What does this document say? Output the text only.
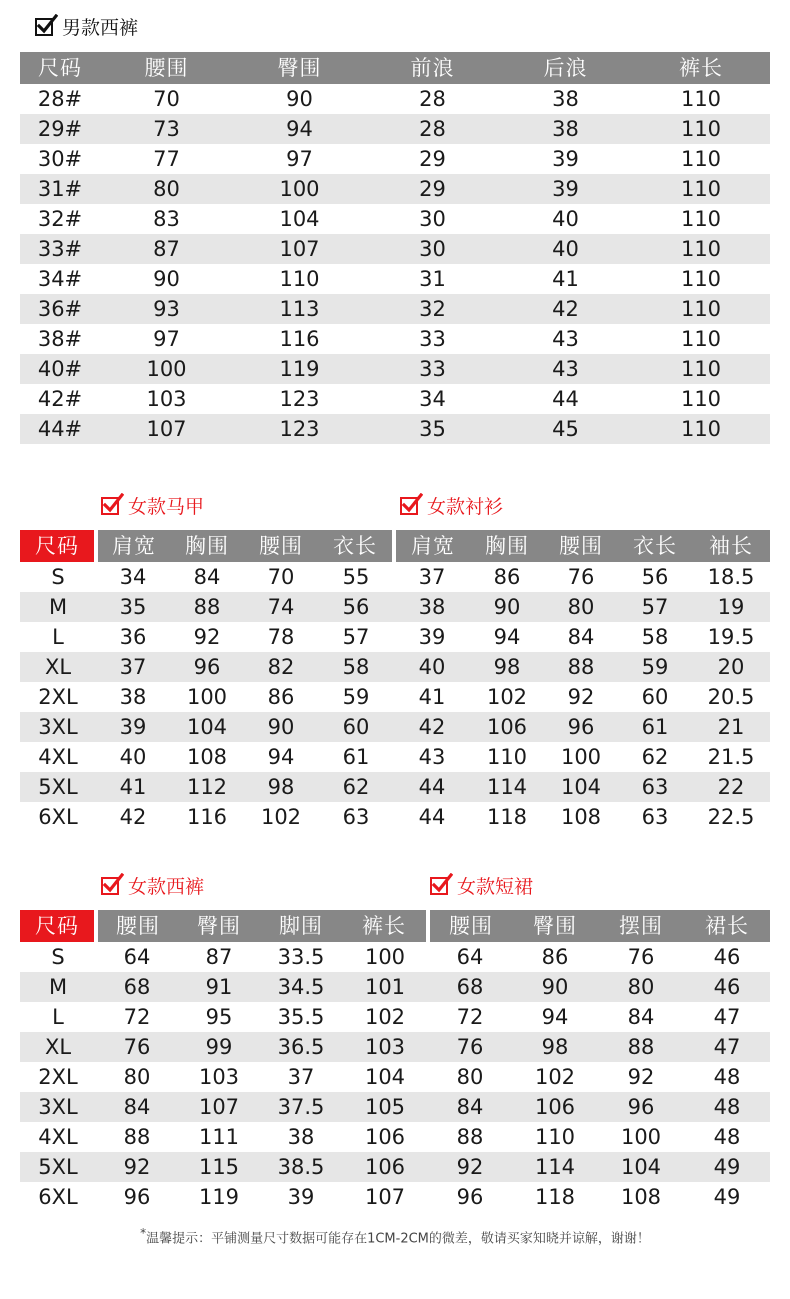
男款西裤
尺码	腰围	臀围	前浪	后浪	裤长
28#	70	90	28	38	110
29#	73	94	28	38	110
30#	77	97	29	39	110
31#	80	100	29	39	110
32#	83	104	30	40	110
33#	87	107	30	40	110
34#	90	110	31	41	110
36#	93	113	32	42	110
38#	97	116	33	43	110
40#	100	119	33	43	110
42#	103	123	34	44	110
44#	107	123	35	45	110
女款马甲	女款衬衫
尺码	肩宽	胸围	腰围	衣长	肩宽	胸围	腰围	衣长	袖长
S	34	84	70	55	37	86	76	56	18.5
M	35	88	74	56	38	90	80	57	19
L	36	92	78	57	39	94	84	58	19.5
XL	37	96	82	58	40	98	88	59	20
2XL	38	100	86	59	41	102	92	60	20.5
3XL	39	104	90	60	42	106	96	61	21
4XL	40	108	94	61	43	110	100	62	21.5
5XL	41	112	98	62	44	114	104	63	22
6XL	42	116	102	63	44	118	108	63	22.5
女款西裤	女款短裙
尺码	腰围	臀围	脚围	裤长	腰围	臀围	摆围	裙长
S	64	87	33.5	100	64	86	76	46
M	68	91	34.5	101	68	90	80	46
L	72	95	35.5	102	72	94	84	47
XL	76	99	36.5	103	76	98	88	47
2XL	80	103	37	104	80	102	92	48
3XL	84	107	37.5	105	84	106	96	48
4XL	88	111	38	106	88	110	100	48
5XL	92	115	38.5	106	92	114	104	49
6XL	96	119	39	107	96	118	108	49
*温馨提示：平铺测量尺寸数据可能存在1CM-2CM的微差，敬请买家知晓并谅解，谢谢！
